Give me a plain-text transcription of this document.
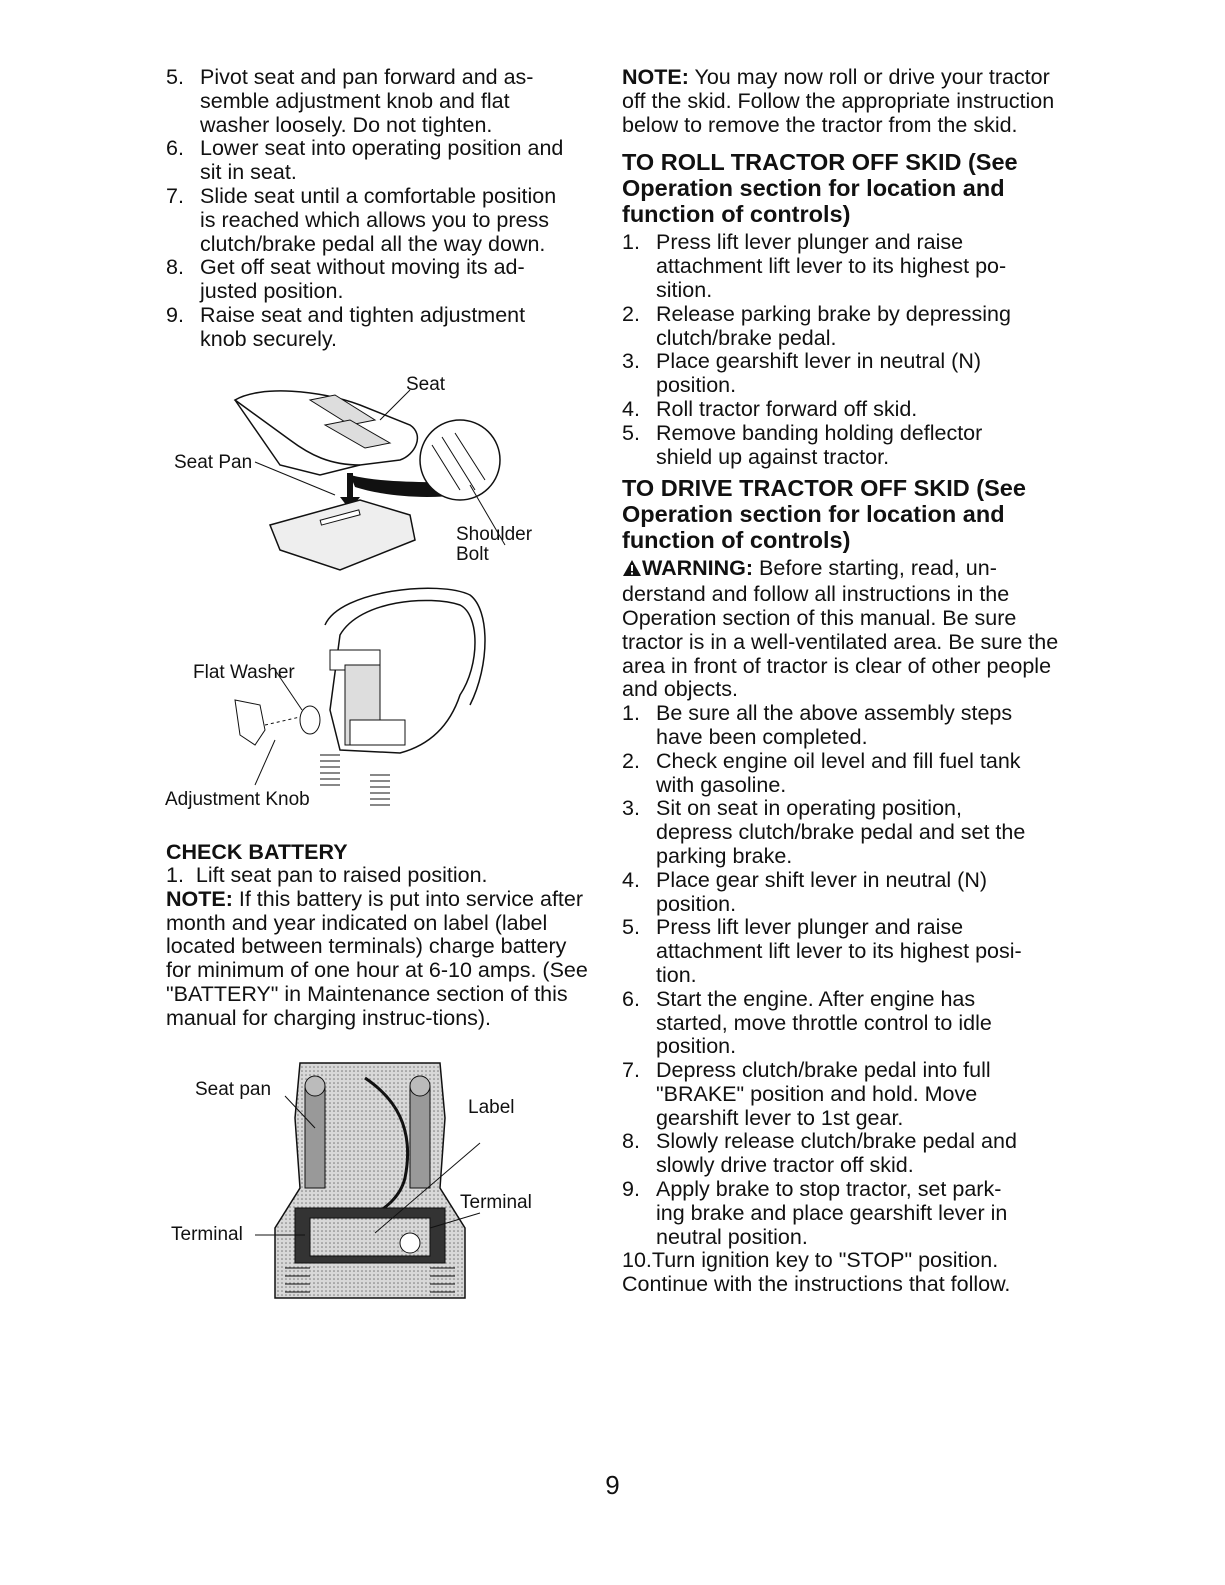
5. Pivot seat and pan forward and as-
semble adjustment knob and flat
washer loosely. Do not tighten.
6. Lower seat into operating position and
sit in seat.
7. Slide seat until a comfortable position
is reached which allows you to press
clutch/brake pedal all the way down.
8. Get off seat without moving its ad-
justed position.
9. Raise seat and tighten adjustment
knob securely.
Seat
Seat Pan
Shoulder
Bolt
Flat Washer
Adjustment Knob
CHECK BATTERY
1. Lift seat pan to raised position.

NOTE: If this battery is put into service after month and year indicated on label (label located between terminals) charge battery for minimum of one hour at 6-10 amps. (See "BATTERY" in Maintenance section of this manual for charging instruc-tions).

Seat pan
Label
Terminal
Terminal

NOTE: You may now roll or drive your tractor off the skid. Follow the appropriate instruction below to remove the tractor from the skid.

TO ROLL TRACTOR OFF SKID (See Operation section for location and function of controls)
1. Press lift lever plunger and raise
attachment lift lever to its highest po-
sition.
2. Release parking brake by depressing
clutch/brake pedal.
3. Place gearshift lever in neutral (N)
position.
4. Roll tractor forward off skid.
5. Remove banding holding deflector
shield up against tractor.
TO DRIVE TRACTOR OFF SKID (See Operation section for location and function of controls)

WARNING: Before starting, read, un-derstand and follow all instructions in the Operation section of this manual. Be sure tractor is in a well-ventilated area. Be sure the area in front of tractor is clear of other people and objects.

1. Be sure all the above assembly steps
have been completed.
2. Check engine oil level and fill fuel tank
with gasoline.
3. Sit on seat in operating position,
depress clutch/brake pedal and set the
parking brake.
4. Place gear shift lever in neutral (N)
position.
5. Press lift lever plunger and raise
attachment lift lever to its highest posi-
tion.
6. Start the engine. After engine has
started, move throttle control to idle
position.
7. Depress clutch/brake pedal into full
"BRAKE" position and hold. Move
gearshift lever to 1st gear.
8. Slowly release clutch/brake pedal and
slowly drive tractor off skid.
9. Apply brake to stop tractor, set park-
ing brake and place gearshift lever in
neutral position.

10.Turn ignition key to "STOP" position.

Continue with the instructions that follow.

9
